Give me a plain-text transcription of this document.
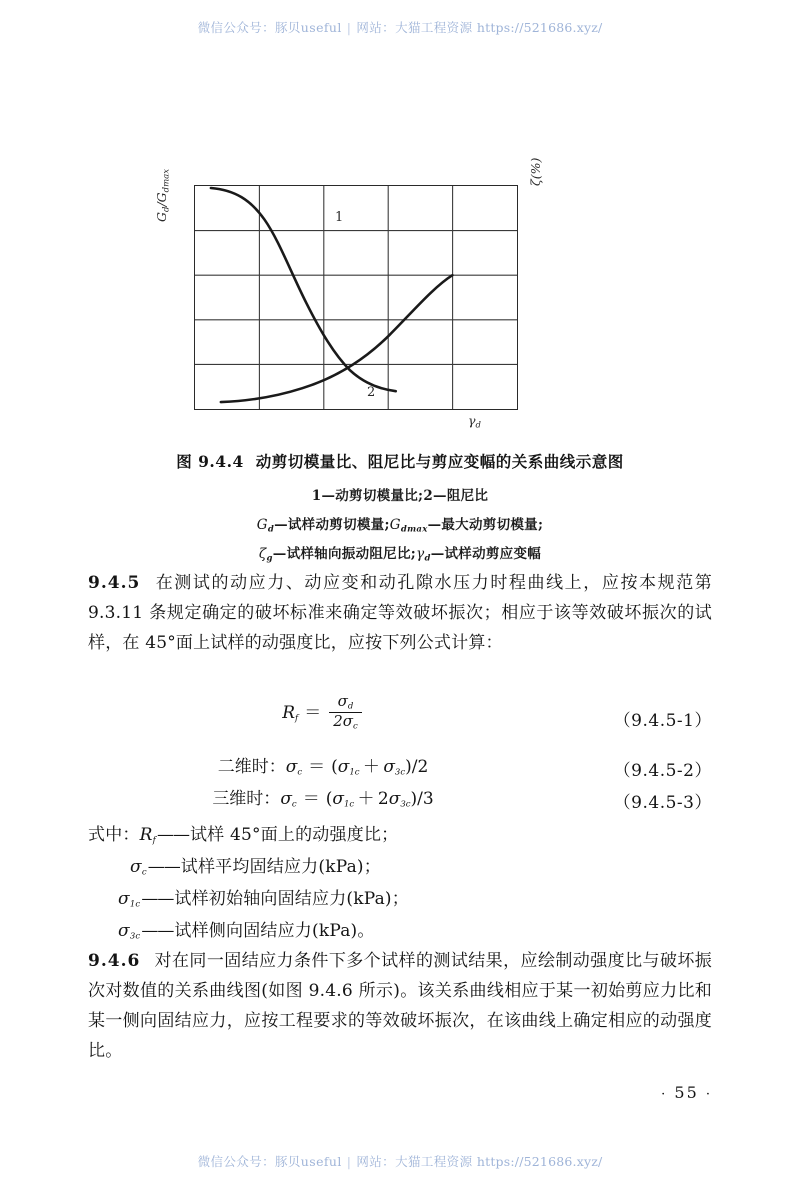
微信公众号：豚贝useful | 网站：大猫工程资源 https://521686.xyz/
$G_d/G_{dmax}$	ζ(%)
$\gamma_d$
1
2
图 9.4.4 动剪切模量比、阻尼比与剪应变幅的关系曲线示意图
1—动剪切模量比;2—阻尼比
$G_d—$试样动剪切模量$;G_{dmax}—$最大动剪切模量;
$\zeta_g—$试样轴向振动阻尼比$;\gamma_d—$试样动剪应变幅
9.4.5 在测试的动应力、动应变和动孔隙水压力时程曲线上，应按本规范第 9.3.11 条规定确定的破坏标准来确定等效破坏振次；相应于该等效破坏振次的试样，在 45°面上试样的动强度比，应按下列公式计算：
$R_f = \frac{\sigma_d}{2\sigma_c}$	（9.4.5-1）
二维时：$\sigma_c = (\sigma_{1c} + \sigma_{3c})/2$	（9.4.5-2）
三维时：$\sigma_c = (\sigma_{1c} + 2\sigma_{3c})/3$	（9.4.5-3）
式中：$R_f——$试样 45°面上的动强度比；
$\sigma_c——$试样平均固结应力(kPa)；
$\sigma_{1c}——$试样初始轴向固结应力(kPa)；
$\sigma_{3c}——$试样侧向固结应力(kPa)。
9.4.6 对在同一固结应力条件下多个试样的测试结果，应绘制动强度比与破坏振次对数值的关系曲线图(如图 9.4.6 所示)。该关系曲线相应于某一初始剪应力比和某一侧向固结应力，应按工程要求的等效破坏振次，在该曲线上确定相应的动强度比。
· 55 ·
微信公众号：豚贝useful | 网站：大猫工程资源 https://521686.xyz/
